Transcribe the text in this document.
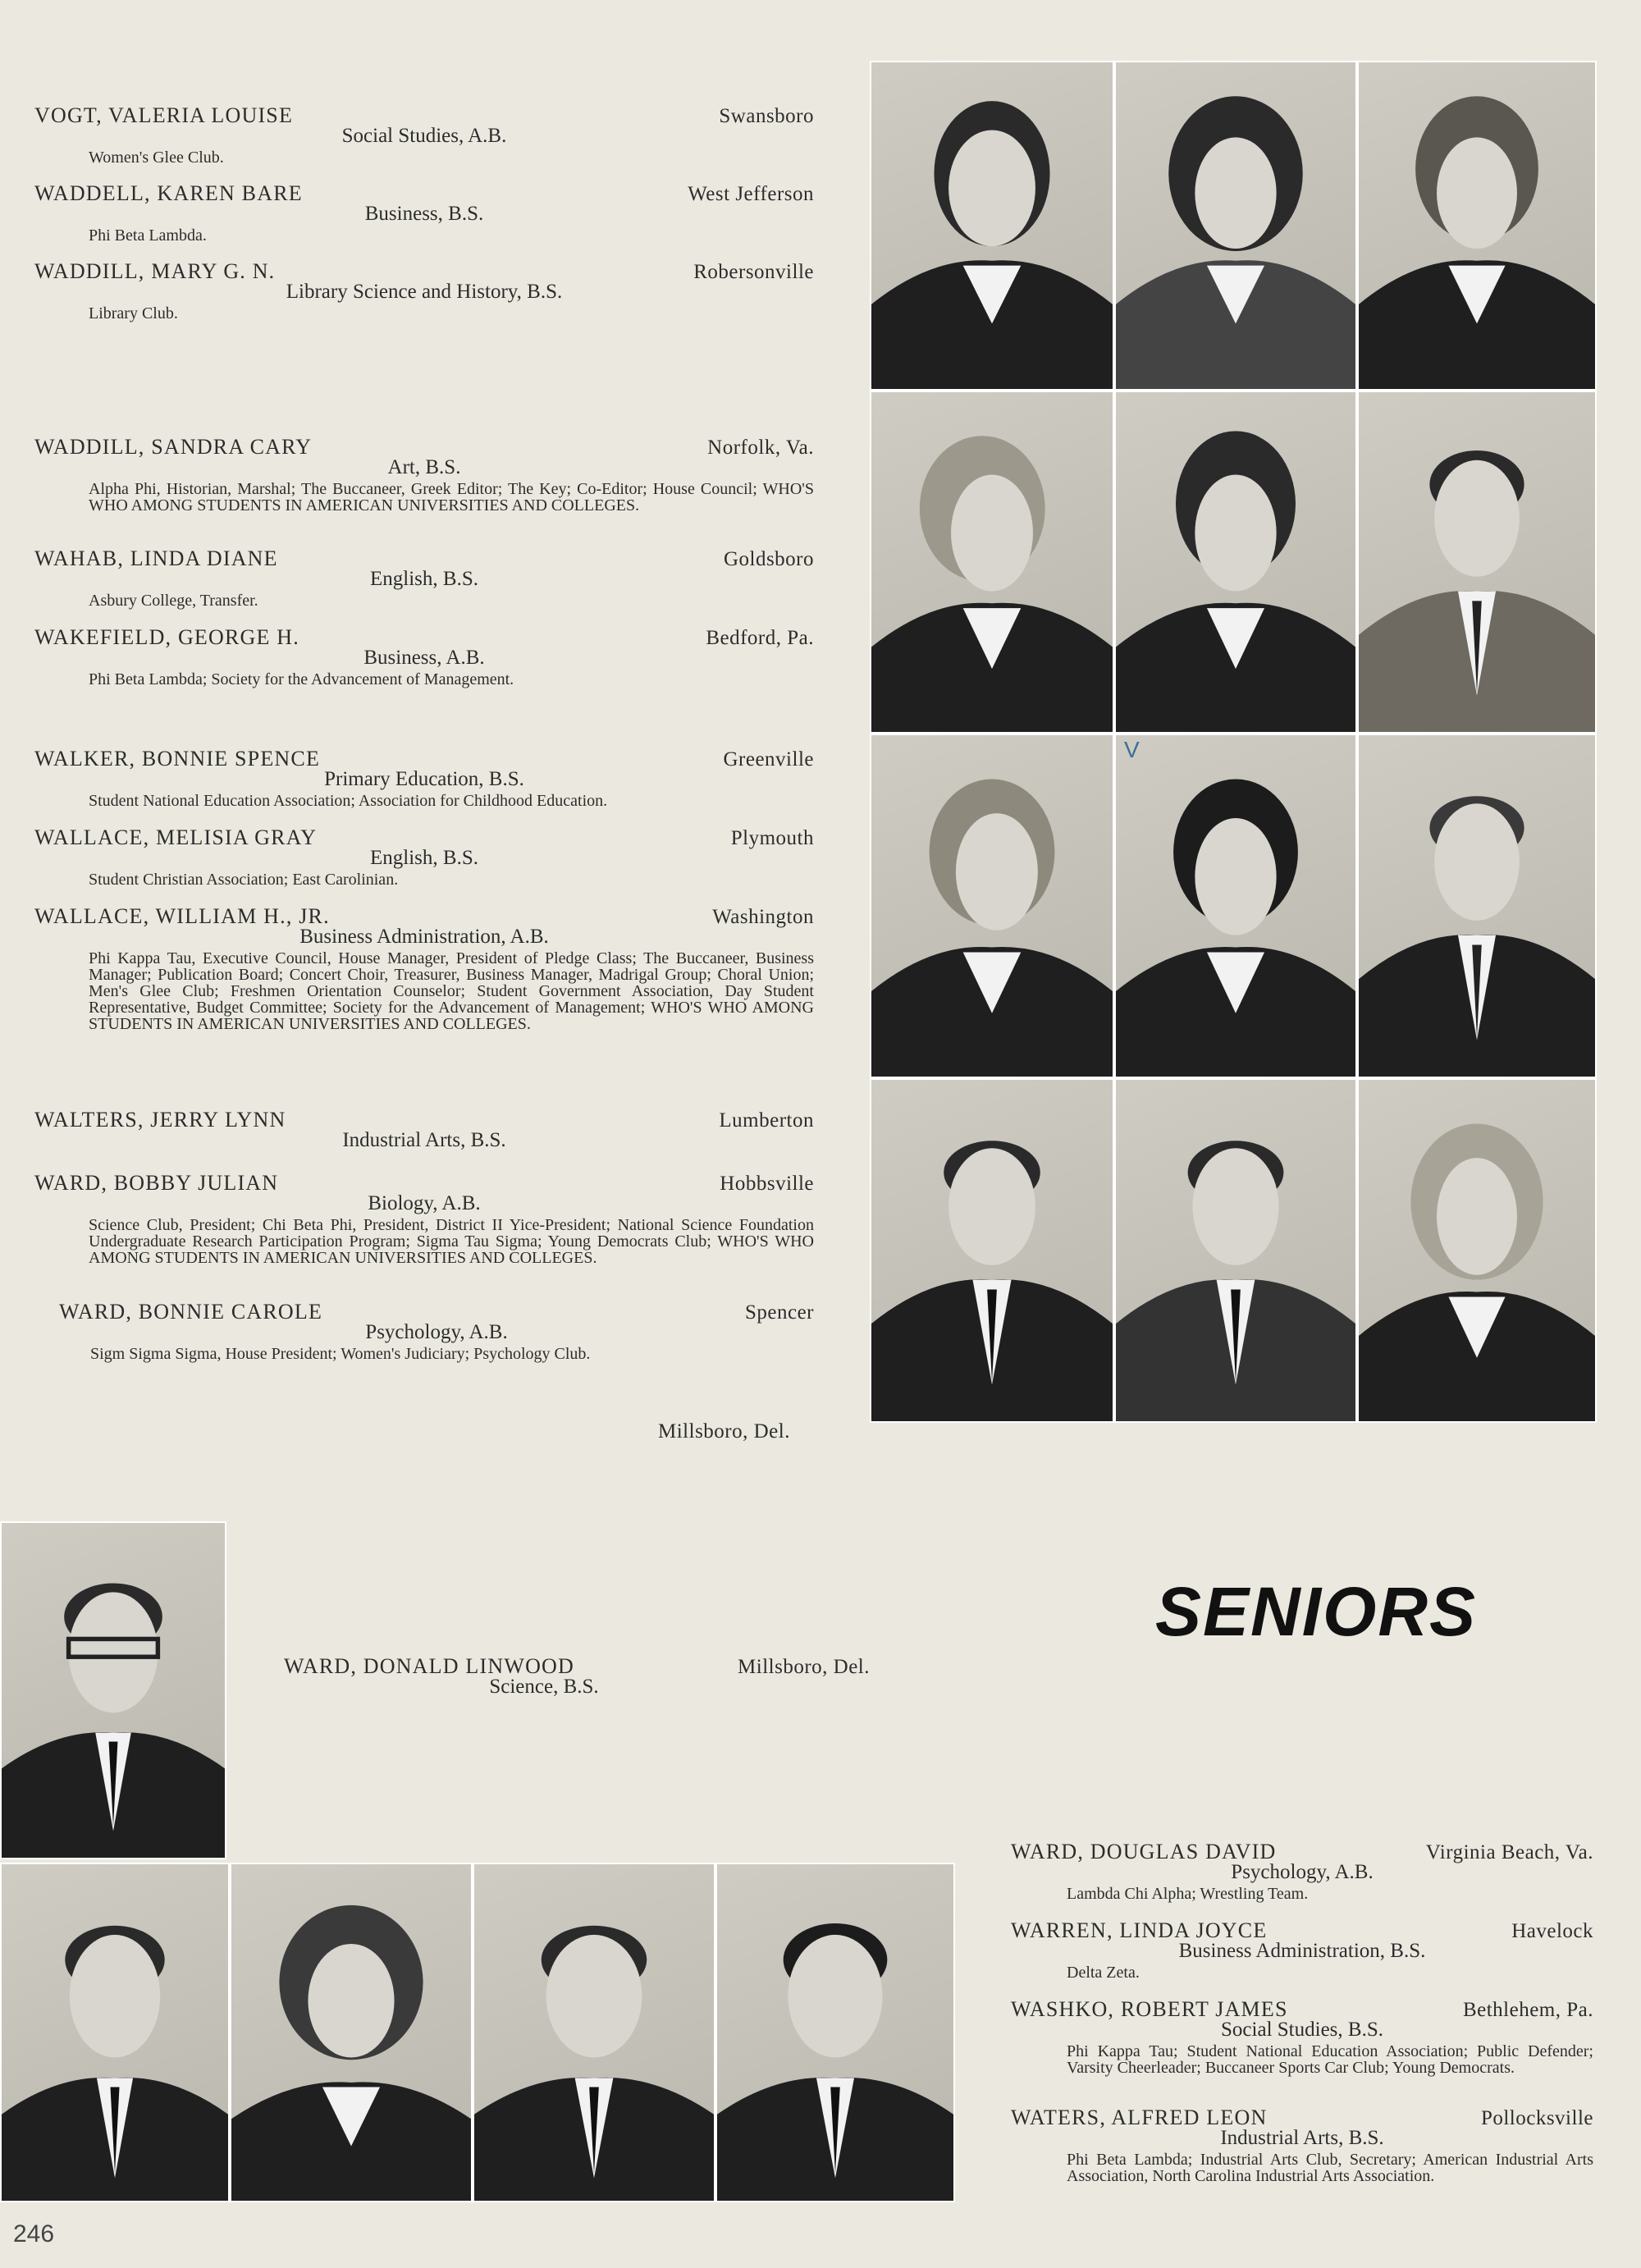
VOGT, VALERIA LOUISE	Swansboro
Social Studies, A.B.
Women's Glee Club.
WADDELL, KAREN BARE	West Jefferson
Business, B.S.
Phi Beta Lambda.
WADDILL, MARY G. N.	Robersonville
Library Science and History, B.S.
Library Club.
WADDILL, SANDRA CARY	Norfolk, Va.
Art, B.S.
Alpha Phi, Historian, Marshal; The Buccaneer, Greek Editor; The Key; Co-Editor; House Council; WHO'S WHO AMONG STUDENTS IN AMERICAN UNIVERSITIES AND COLLEGES.
WAHAB, LINDA DIANE	Goldsboro
English, B.S.
Asbury College, Transfer.
WAKEFIELD, GEORGE H.	Bedford, Pa.
Business, A.B.
Phi Beta Lambda; Society for the Advancement of Management.
WALKER, BONNIE SPENCE	Greenville
Primary Education, B.S.
Student National Education Association; Association for Childhood Education.
WALLACE, MELISIA GRAY	Plymouth
English, B.S.
Student Christian Association; East Carolinian.
WALLACE, WILLIAM H., JR.	Washington
Business Administration, A.B.
Phi Kappa Tau, Executive Council, House Manager, President of Pledge Class; The Buccaneer, Business Manager; Publication Board; Concert Choir, Treasurer, Business Manager, Madrigal Group; Choral Union; Men's Glee Club; Freshmen Orientation Counselor; Student Government Association, Day Student Representative, Budget Committee; Society for the Advancement of Management; WHO'S WHO AMONG STUDENTS IN AMERICAN UNIVERSITIES AND COLLEGES.
WALTERS, JERRY LYNN	Lumberton
Industrial Arts, B.S.
WARD, BOBBY JULIAN	Hobbsville
Biology, A.B.
Science Club, President; Chi Beta Phi, President, District II Yice-President; National Science Foundation Undergraduate Research Participation Program; Sigma Tau Sigma; Young Democrats Club; WHO'S WHO AMONG STUDENTS IN AMERICAN UNIVERSITIES AND COLLEGES.
WARD, BONNIE CAROLE	Spencer
Psychology, A.B.
Sigm Sigma Sigma, House President; Women's Judiciary; Psychology Club.
Millsboro, Del.
V
WARD, DONALD LINWOOD	Millsboro, Del.
Science, B.S.
SENIORS
WARD, DOUGLAS DAVID	Virginia Beach, Va.
Psychology, A.B.
Lambda Chi Alpha; Wrestling Team.
WARREN, LINDA JOYCE	Havelock
Business Administration, B.S.
Delta Zeta.
WASHKO, ROBERT JAMES	Bethlehem, Pa.
Social Studies, B.S.
Phi Kappa Tau; Student National Education Association; Public Defender; Varsity Cheerleader; Buccaneer Sports Car Club; Young Democrats.
WATERS, ALFRED LEON	Pollocksville
Industrial Arts, B.S.
Phi Beta Lambda; Industrial Arts Club, Secretary; American Industrial Arts Association, North Carolina Industrial Arts Association.
246
